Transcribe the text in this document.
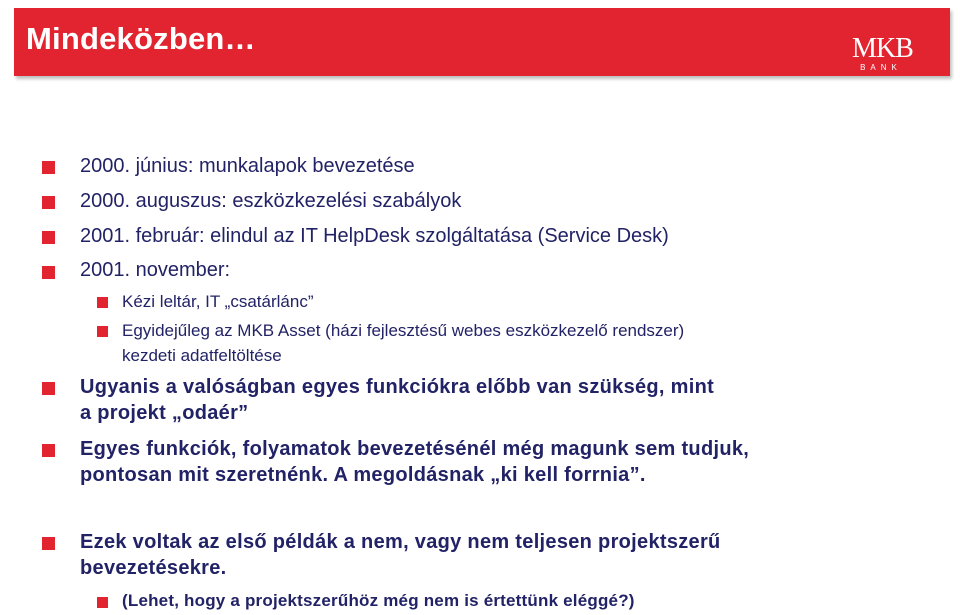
Mindeközben…	MKB
BANK
2000. június: munkalapok bevezetése
2000. auguszus: eszközkezelési szabályok
2001. február: elindul az IT HelpDesk szolgáltatása (Service Desk)
2001. november:
Kézi leltár, IT „csatárlánc”
Egyidejűleg az MKB Asset (házi fejlesztésű webes eszközkezelő rendszer)
kezdeti adatfeltöltése
Ugyanis a valóságban egyes funkciókra előbb van szükség, mint
a projekt „odaér”
Egyes funkciók, folyamatok bevezetésénél még magunk sem tudjuk,
pontosan mit szeretnénk. A megoldásnak „ki kell forrnia”.
Ezek voltak az első példák a nem, vagy nem teljesen projektszerű
bevezetésekre.
(Lehet, hogy a projektszerűhöz még nem is értettünk eléggé?)
